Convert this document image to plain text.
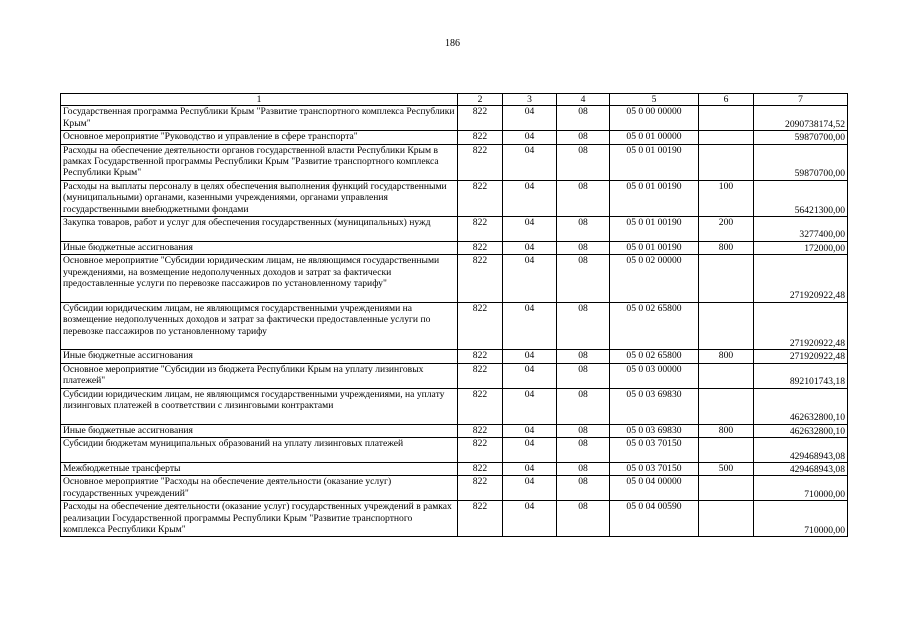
186
1	2	3	4	5	6	7
Государственная программа Республики Крым "Развитие транспортного комплекса Республики Крым"	822	04	08	05 0 00 00000		2090738174,52
Основное мероприятие "Руководство и управление в сфере транспорта"	822	04	08	05 0 01 00000		59870700,00
Расходы на обеспечение деятельности органов государственной власти Республики Крым в рамках Государственной программы Республики Крым "Развитие транспортного комплекса Республики Крым"	822	04	08	05 0 01 00190		59870700,00
Расходы на выплаты персоналу в целях обеспечения выполнения функций государственными (муниципальными) органами, казенными учреждениями, органами управления государственными внебюджетными фондами	822	04	08	05 0 01 00190	100	56421300,00
Закупка товаров, работ и услуг для обеспечения государственных (муниципальных) нужд	822	04	08	05 0 01 00190	200	3277400,00
Иные бюджетные ассигнования	822	04	08	05 0 01 00190	800	172000,00
Основное мероприятие "Субсидии юридическим лицам, не являющимся государственными учреждениями, на возмещение недополученных доходов и затрат за фактически предоставленные услуги по перевозке пассажиров по установленному тарифу"	822	04	08	05 0 02 00000		271920922,48
Субсидии юридическим лицам, не являющимся государственными учреждениями на возмещение недополученных доходов и затрат за фактически предоставленные услуги по перевозке пассажиров по установленному тарифу	822	04	08	05 0 02 65800		271920922,48
Иные бюджетные ассигнования	822	04	08	05 0 02 65800	800	271920922,48
Основное мероприятие "Субсидии из бюджета Республики Крым на уплату лизинговых платежей"	822	04	08	05 0 03 00000		892101743,18
Субсидии юридическим лицам, не являющимся государственными учреждениями, на уплату лизинговых платежей в соответствии с лизинговыми контрактами	822	04	08	05 0 03 69830		462632800,10
Иные бюджетные ассигнования	822	04	08	05 0 03 69830	800	462632800,10
Субсидии бюджетам муниципальных образований на уплату лизинговых платежей	822	04	08	05 0 03 70150		429468943,08
Межбюджетные трансферты	822	04	08	05 0 03 70150	500	429468943,08
Основное мероприятие "Расходы на обеспечение деятельности (оказание услуг) государственных учреждений"	822	04	08	05 0 04 00000		710000,00
Расходы на обеспечение деятельности (оказание услуг) государственных учреждений в рамках реализации Государственной программы Республики Крым "Развитие транспортного комплекса Республики Крым"	822	04	08	05 0 04 00590		710000,00
